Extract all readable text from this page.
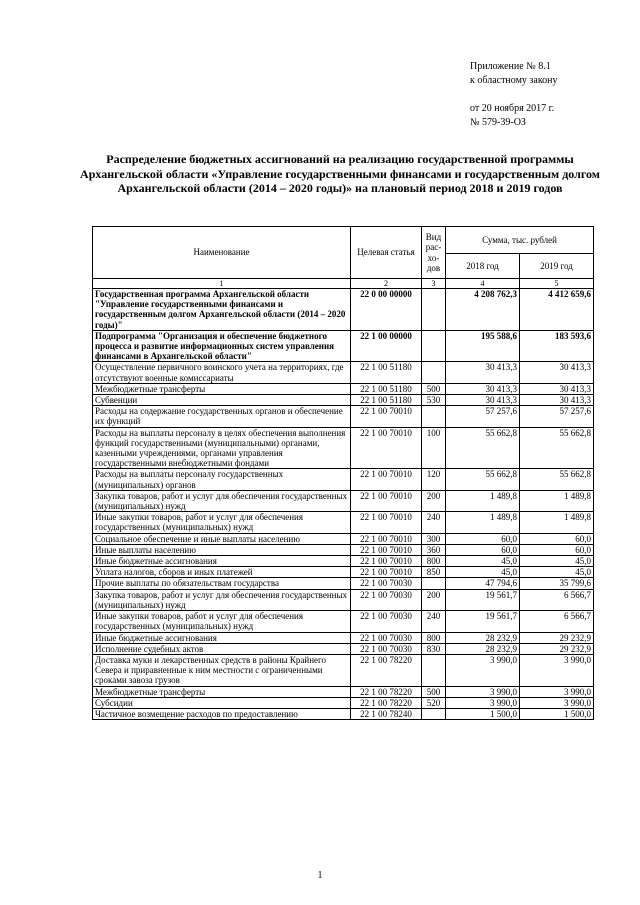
Приложение № 8.1
к областному закону
от 20 ноября 2017 г.
№ 579-39-ОЗ
Распределение бюджетных ассигнований на реализацию государственной программы Архангельской области «Управление государственными финансами и государственным долгом Архангельской области (2014 – 2020 годы)» на плановый период 2018 и 2019 годов
Наименование	Целевая статья	Вид рас-хо-дов	Сумма, тыс. рублей	
			2018 год	2019 год
1	2	3	4	5
Государственная программа Архангельской области "Управление государственными финансами и государственным долгом Архангельской области (2014 – 2020 годы)"	22 0 00 00000		4 208 762,3	4 412 659,6
Подпрограмма "Организация и обеспечение бюджетного процесса и развитие информационных систем управления финансами в Архангельской области"	22 1 00 00000		195 588,6	183 593,6
Осуществление первичного воинского учета на территориях, где отсутствуют военные комиссариаты	22 1 00 51180		30 413,3	30 413,3
Межбюджетные трансферты	22 1 00 51180	500	30 413,3	30 413,3
Субвенции	22 1 00 51180	530	30 413,3	30 413,3
Расходы на содержание государственных органов и обеспечение их функций	22 1 00 70010		57 257,6	57 257,6
Расходы на выплаты персоналу в целях обеспечения выполнения функций государственными (муниципальными) органами, казенными учреждениями, органами управления государственными внебюджетными фондами	22 1 00 70010	100	55 662,8	55 662,8
Расходы на выплаты персоналу государственных (муниципальных) органов	22 1 00 70010	120	55 662,8	55 662,8
Закупка товаров, работ и услуг для обеспечения государственных (муниципальных) нужд	22 1 00 70010	200	1 489,8	1 489,8
Иные закупки товаров, работ и услуг для обеспечения государственных (муниципальных) нужд	22 1 00 70010	240	1 489,8	1 489,8
Социальное обеспечение и иные выплаты населению	22 1 00 70010	300	60,0	60,0
Иные выплаты населению	22 1 00 70010	360	60,0	60,0
Иные бюджетные ассигнования	22 1 00 70010	800	45,0	45,0
Уплата налогов, сборов и иных платежей	22 1 00 70010	850	45,0	45,0
Прочие выплаты по обязательствам государства	22 1 00 70030		47 794,6	35 799,6
Закупка товаров, работ и услуг для обеспечения государственных (муниципальных) нужд	22 1 00 70030	200	19 561,7	6 566,7
Иные закупки товаров, работ и услуг для обеспечения государственных (муниципальных) нужд	22 1 00 70030	240	19 561,7	6 566,7
Иные бюджетные ассигнования	22 1 00 70030	800	28 232,9	29 232,9
Исполнение судебных актов	22 1 00 70030	830	28 232,9	29 232,9
Доставка муки и лекарственных средств в районы Крайнего Севера и приравненные к ним местности с ограниченными сроками завоза грузов	22 1 00 78220		3 990,0	3 990,0
Межбюджетные трансферты	22 1 00 78220	500	3 990,0	3 990,0
Субсидии	22 1 00 78220	520	3 990,0	3 990,0
Частичное возмещение расходов по предоставлению	22 1 00 78240		1 500,0	1 500,0
1
